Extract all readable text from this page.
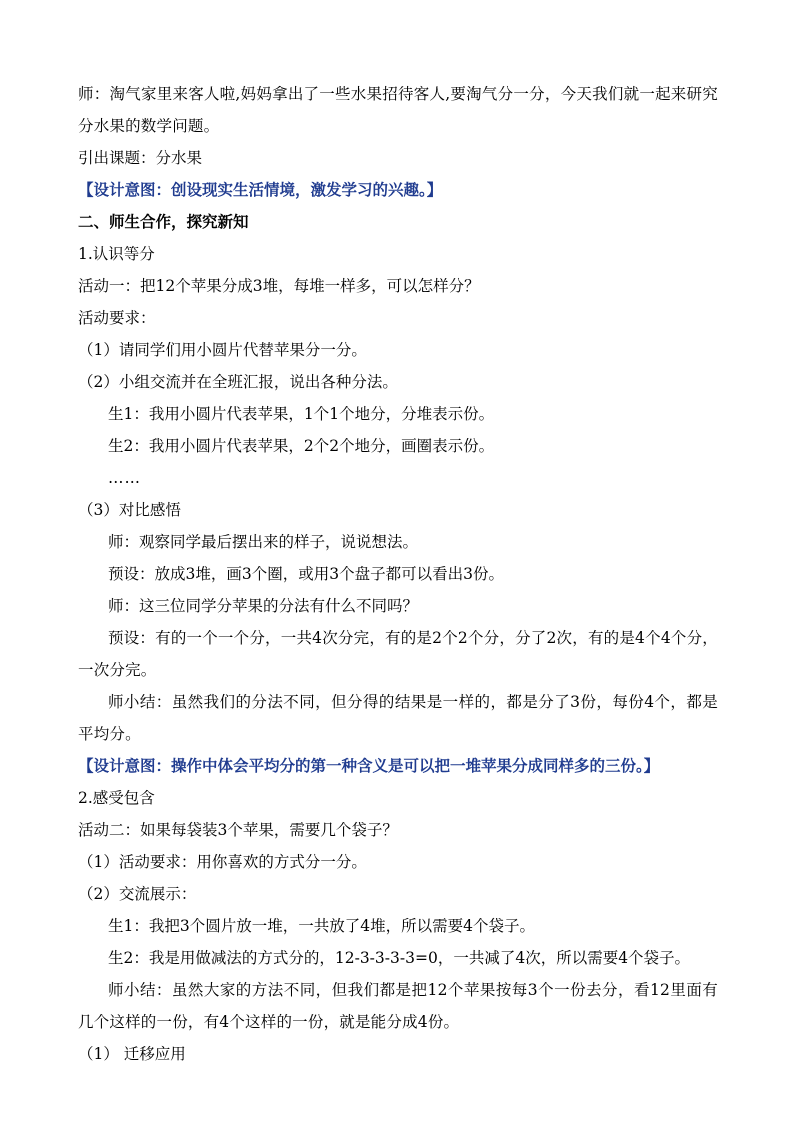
师：淘气家里来客人啦,妈妈拿出了一些水果招待客人,要淘气分一分，今天我们就一起来研究分水果的数学问题。
引出课题：分水果
【设计意图：创设现实生活情境，激发学习的兴趣。】
二、师生合作，探究新知
1.认识等分
活动一：把12个苹果分成3堆，每堆一样多，可以怎样分？
活动要求：
（1）请同学们用小圆片代替苹果分一分。
（2）小组交流并在全班汇报，说出各种分法。
生1：我用小圆片代表苹果，1个1个地分，分堆表示份。
生2：我用小圆片代表苹果，2个2个地分，画圈表示份。
……
（3）对比感悟
师：观察同学最后摆出来的样子，说说想法。
预设：放成3堆，画3个圈，或用3个盘子都可以看出3份。
师：这三位同学分苹果的分法有什么不同吗？
预设：有的一个一个分，一共4次分完，有的是2个2个分，分了2次，有的是4个4个分，一次分完。
师小结：虽然我们的分法不同，但分得的结果是一样的，都是分了3份，每份4个，都是平均分。
【设计意图：操作中体会平均分的第一种含义是可以把一堆苹果分成同样多的三份。】
2.感受包含
活动二：如果每袋装3个苹果，需要几个袋子？
（1）活动要求：用你喜欢的方式分一分。
（2）交流展示：
生1：我把3个圆片放一堆，一共放了4堆，所以需要4个袋子。
生2：我是用做减法的方式分的，12-3-3-3-3=0，一共减了4次，所以需要4个袋子。
师小结：虽然大家的方法不同，但我们都是把12个苹果按每3个一份去分，看12里面有几个这样的一份，有4个这样的一份，就是能分成4份。
（1） 迁移应用
